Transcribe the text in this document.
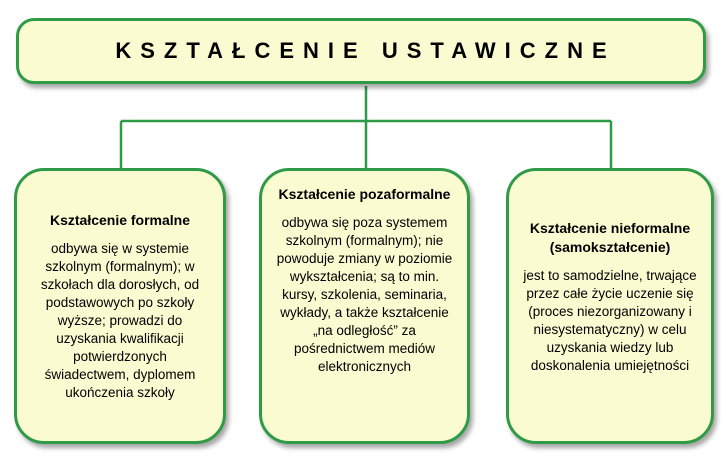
KSZTAŁCENIE USTAWICZNE
Kształcenie formalne
odbywa się w systemie szkolnym (formalnym); w szkołach dla dorosłych, od podstawowych po szkoły wyższe; prowadzi do uzyskania kwalifikacji potwierdzonych świadectwem, dyplomem ukończenia szkoły
Kształcenie pozaformalne
odbywa się poza systemem szkolnym (formalnym); nie powoduje zmiany w poziomie wykształcenia; są to min. kursy, szkolenia, seminaria, wykłady, a także kształcenie „na odległość” za pośrednictwem mediów elektronicznych
Kształcenie nieformalne (samokształcenie)
jest to samodzielne, trwające przez całe życie uczenie się (proces niezorganizowany i niesystematyczny) w celu uzyskania wiedzy lub doskonalenia umiejętności
